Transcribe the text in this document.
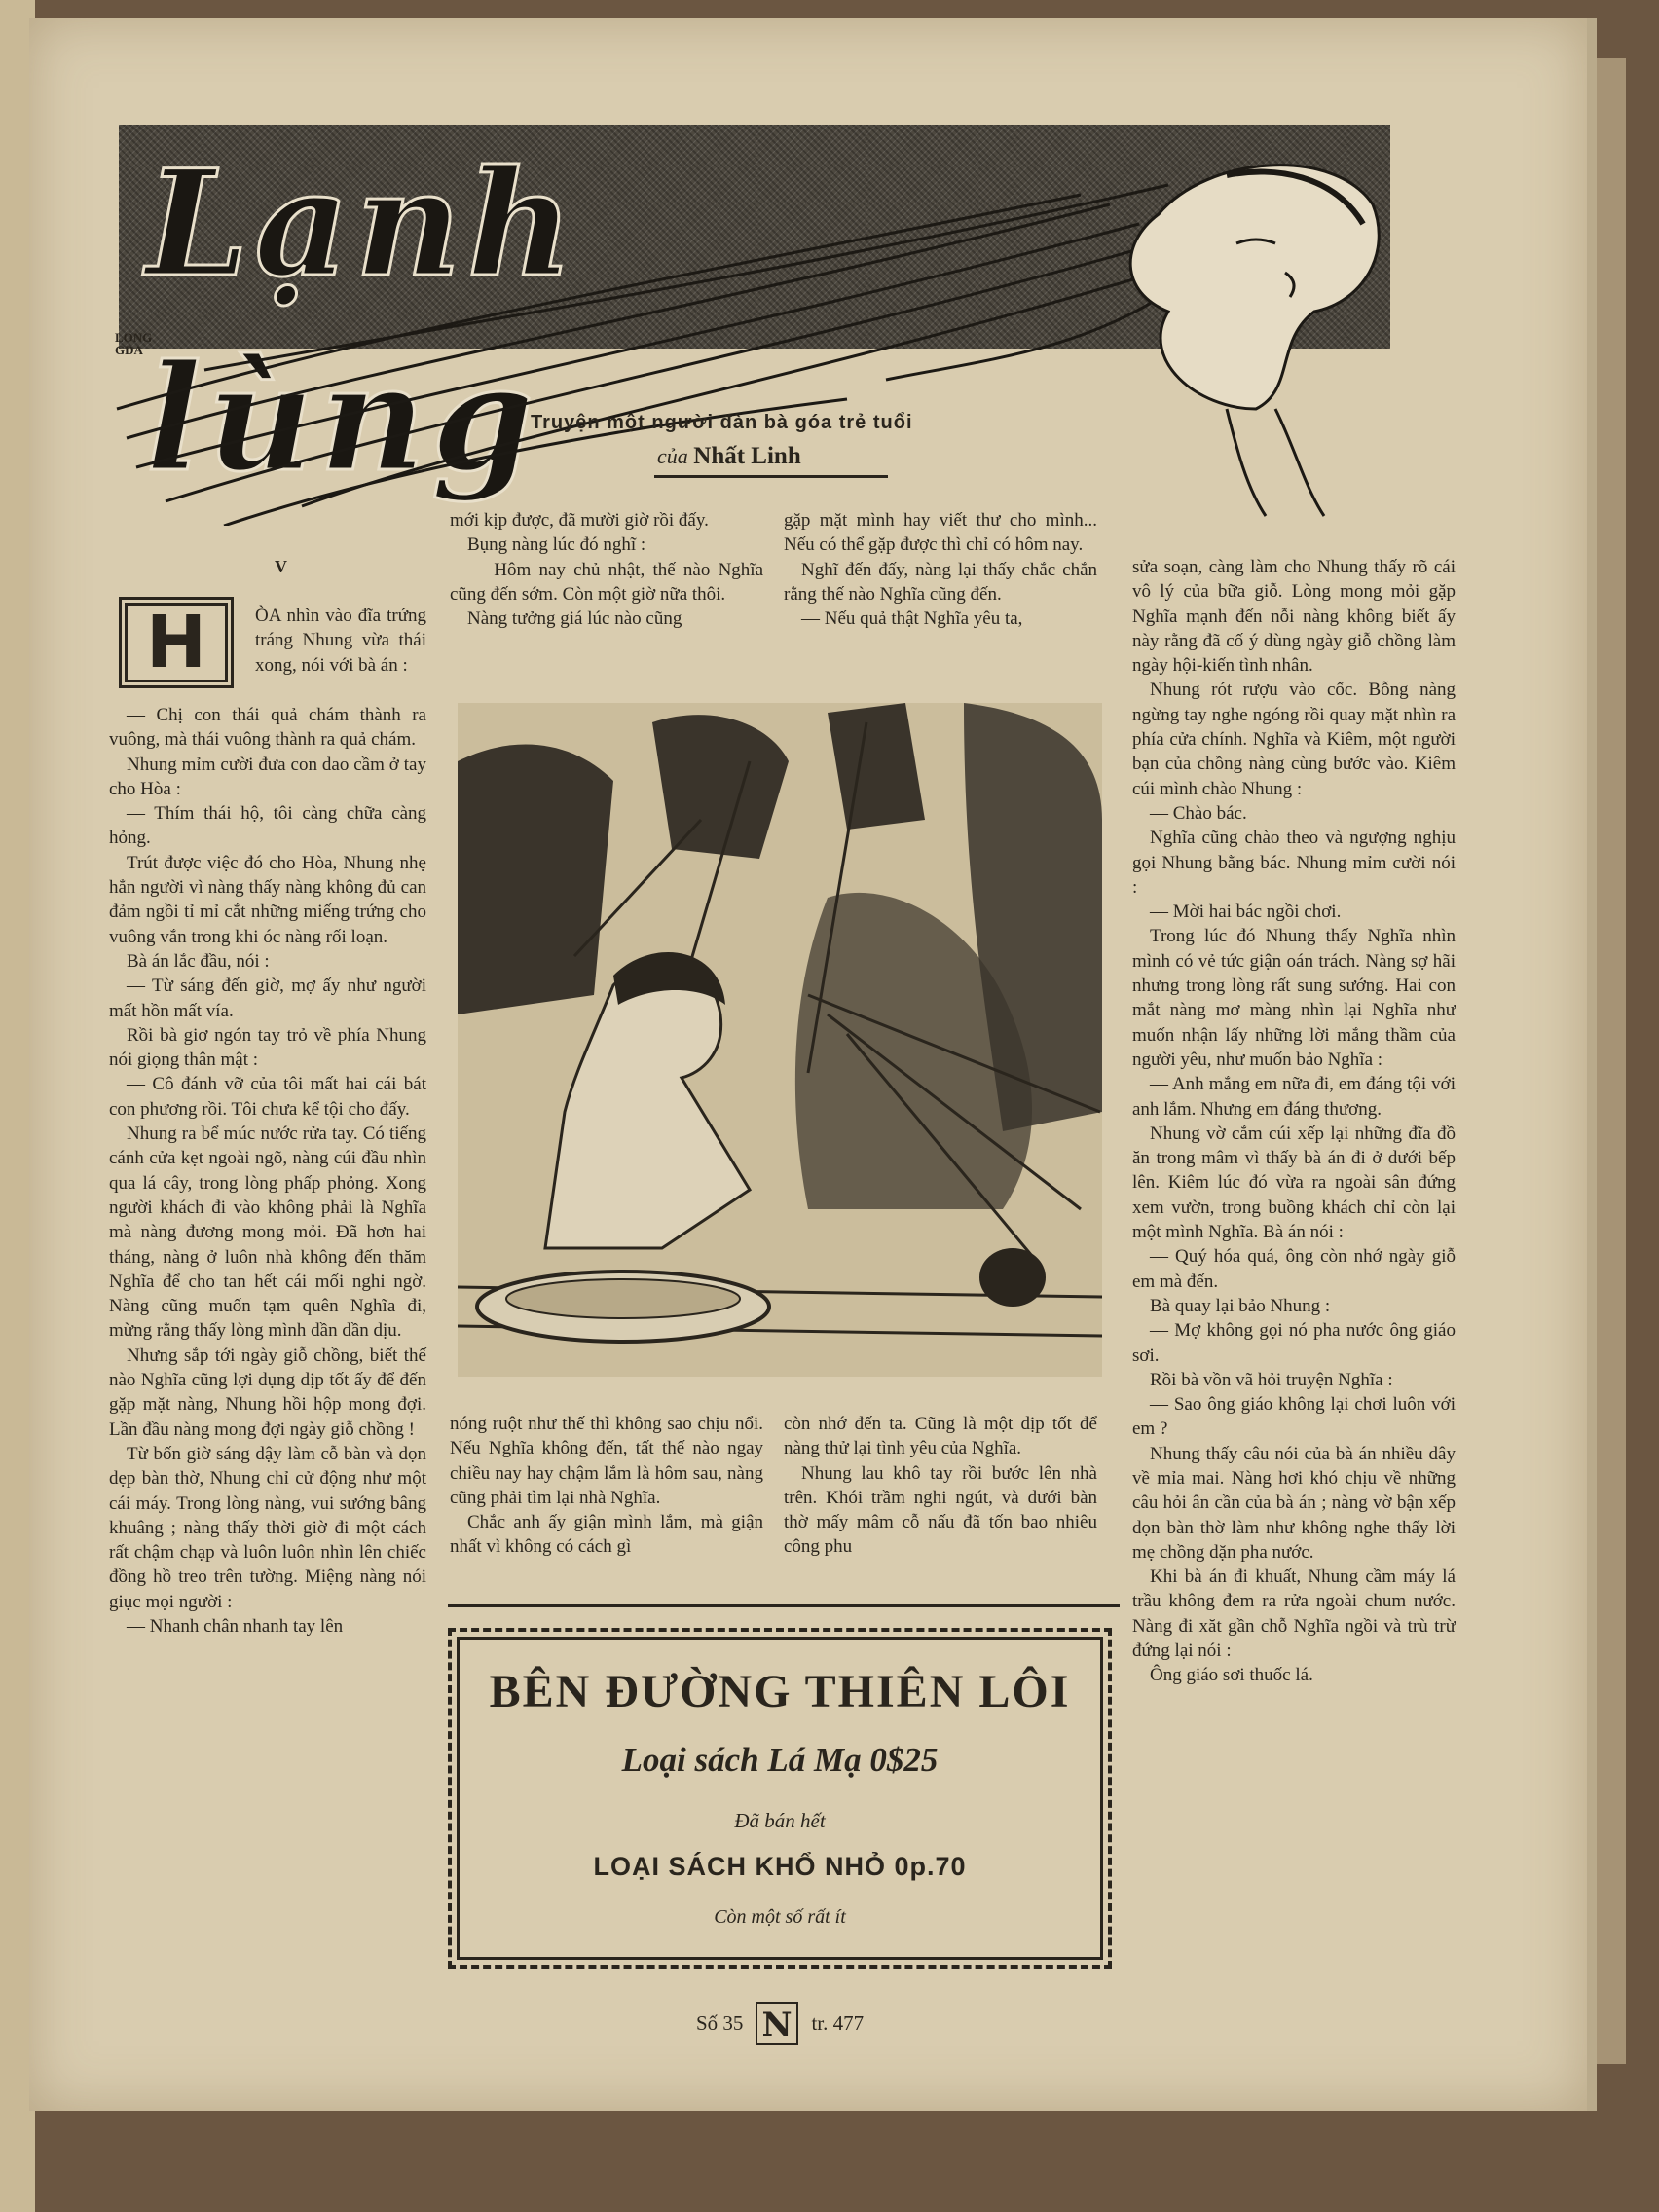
Lạnh lùng
LONG GDA
Truyện một người đàn bà góa trẻ tuổi
của Nhất Linh
V
H	ÒA nhìn vào đĩa trứng tráng Nhung vừa thái xong, nói với bà án :

— Chị con thái quả chám thành ra vuông, mà thái vuông thành ra quả chám.

Nhung mỉm cười đưa con dao cầm ở tay cho Hòa :

— Thím thái hộ, tôi càng chữa càng hỏng.

Trút được việc đó cho Hòa, Nhung nhẹ hẳn người vì nàng thấy nàng không đủ can đảm ngồi tỉ mỉ cắt những miếng trứng cho vuông vắn trong khi óc nàng rối loạn.

Bà án lắc đầu, nói :

— Từ sáng đến giờ, mợ ấy như người mất hồn mất vía.

Rồi bà giơ ngón tay trỏ về phía Nhung nói giọng thân mật :

— Cô đánh vỡ của tôi mất hai cái bát con phương rồi. Tôi chưa kể tội cho đấy.

Nhung ra bể múc nước rửa tay. Có tiếng cánh cửa kẹt ngoài ngõ, nàng cúi đầu nhìn qua lá cây, trong lòng phấp phỏng. Xong người khách đi vào không phải là Nghĩa mà nàng đương mong mỏi. Đã hơn hai tháng, nàng ở luôn nhà không đến thăm Nghĩa để cho tan hết cái mối nghi ngờ. Nàng cũng muốn tạm quên Nghĩa đi, mừng rằng thấy lòng mình dần dần dịu.

Nhưng sắp tới ngày giỗ chồng, biết thế nào Nghĩa cũng lợi dụng dịp tốt ấy để đến gặp mặt nàng, Nhung hồi hộp mong đợi. Lần đầu nàng mong đợi ngày giỗ chồng !

Từ bốn giờ sáng dậy làm cỗ bàn và dọn dẹp bàn thờ, Nhung chỉ cử động như một cái máy. Trong lòng nàng, vui sướng bâng khuâng ; nàng thấy thời giờ đi một cách rất chậm chạp và luôn luôn nhìn lên chiếc đồng hồ treo trên tường. Miệng nàng nói giục mọi người :

— Nhanh chân nhanh tay lên

mới kịp được, đã mười giờ rồi đấy.

Bụng nàng lúc đó nghĩ :

— Hôm nay chủ nhật, thế nào Nghĩa cũng đến sớm. Còn một giờ nữa thôi.

Nàng tưởng giá lúc nào cũng

gặp mặt mình hay viết thư cho mình... Nếu có thể gặp được thì chỉ có hôm nay.

Nghĩ đến đấy, nàng lại thấy chắc chắn rằng thế nào Nghĩa cũng đến.

— Nếu quả thật Nghĩa yêu ta,

nóng ruột như thế thì không sao chịu nổi. Nếu Nghĩa không đến, tất thế nào ngay chiều nay hay chậm lắm là hôm sau, nàng cũng phải tìm lại nhà Nghĩa.

Chắc anh ấy giận mình lắm, mà giận nhất vì không có cách gì

còn nhớ đến ta. Cũng là một dịp tốt để nàng thử lại tình yêu của Nghĩa.

Nhung lau khô tay rồi bước lên nhà trên. Khói trầm nghi ngút, và dưới bàn thờ mấy mâm cỗ nấu đã tốn bao nhiêu công phu

sửa soạn, càng làm cho Nhung thấy rõ cái vô lý của bữa giỗ. Lòng mong mỏi gặp Nghĩa mạnh đến nỗi nàng không biết ấy này rằng đã cố ý dùng ngày giỗ chồng làm ngày hội-kiến tình nhân.

Nhung rót rượu vào cốc. Bỗng nàng ngừng tay nghe ngóng rồi quay mặt nhìn ra phía cửa chính. Nghĩa và Kiêm, một người bạn của chồng nàng cùng bước vào. Kiêm cúi mình chào Nhung :

— Chào bác.

Nghĩa cũng chào theo và ngượng nghịu gọi Nhung bằng bác. Nhung mỉm cười nói :

— Mời hai bác ngồi chơi.

Trong lúc đó Nhung thấy Nghĩa nhìn mình có vẻ tức giận oán trách. Nàng sợ hãi nhưng trong lòng rất sung sướng. Hai con mắt nàng mơ màng nhìn lại Nghĩa như muốn nhận lấy những lời mắng thầm của người yêu, như muốn bảo Nghĩa :

— Anh mắng em nữa đi, em đáng tội với anh lắm. Nhưng em đáng thương.

Nhung vờ cắm cúi xếp lại những đĩa đồ ăn trong mâm vì thấy bà án đi ở dưới bếp lên. Kiêm lúc đó vừa ra ngoài sân đứng xem vườn, trong buồng khách chỉ còn lại một mình Nghĩa. Bà án nói :

— Quý hóa quá, ông còn nhớ ngày giỗ em mà đến.

Bà quay lại bảo Nhung :

— Mợ không gọi nó pha nước ông giáo sơi.

Rồi bà vồn vã hỏi truyện Nghĩa :

— Sao ông giáo không lại chơi luôn với em ?

Nhung thấy câu nói của bà án nhiều dây về mỉa mai. Nàng hơi khó chịu về những câu hỏi ân cần của bà án ; nàng vờ bận xếp dọn bàn thờ làm như không nghe thấy lời mẹ chồng dặn pha nước.

Khi bà án đi khuất, Nhung cầm máy lá trầu không đem ra rửa ngoài chum nước. Nàng đi xăt gần chỗ Nghĩa ngồi và trù trừ đứng lại nói :

Ông giáo sơi thuốc lá.

BÊN ĐƯỜNG THIÊN LÔI
Loại sách Lá Mạ 0$25
Đã bán hết
LOẠI SÁCH KHỔ NHỎ 0p.70
Còn một số rất ít
Số 35 N tr. 477
